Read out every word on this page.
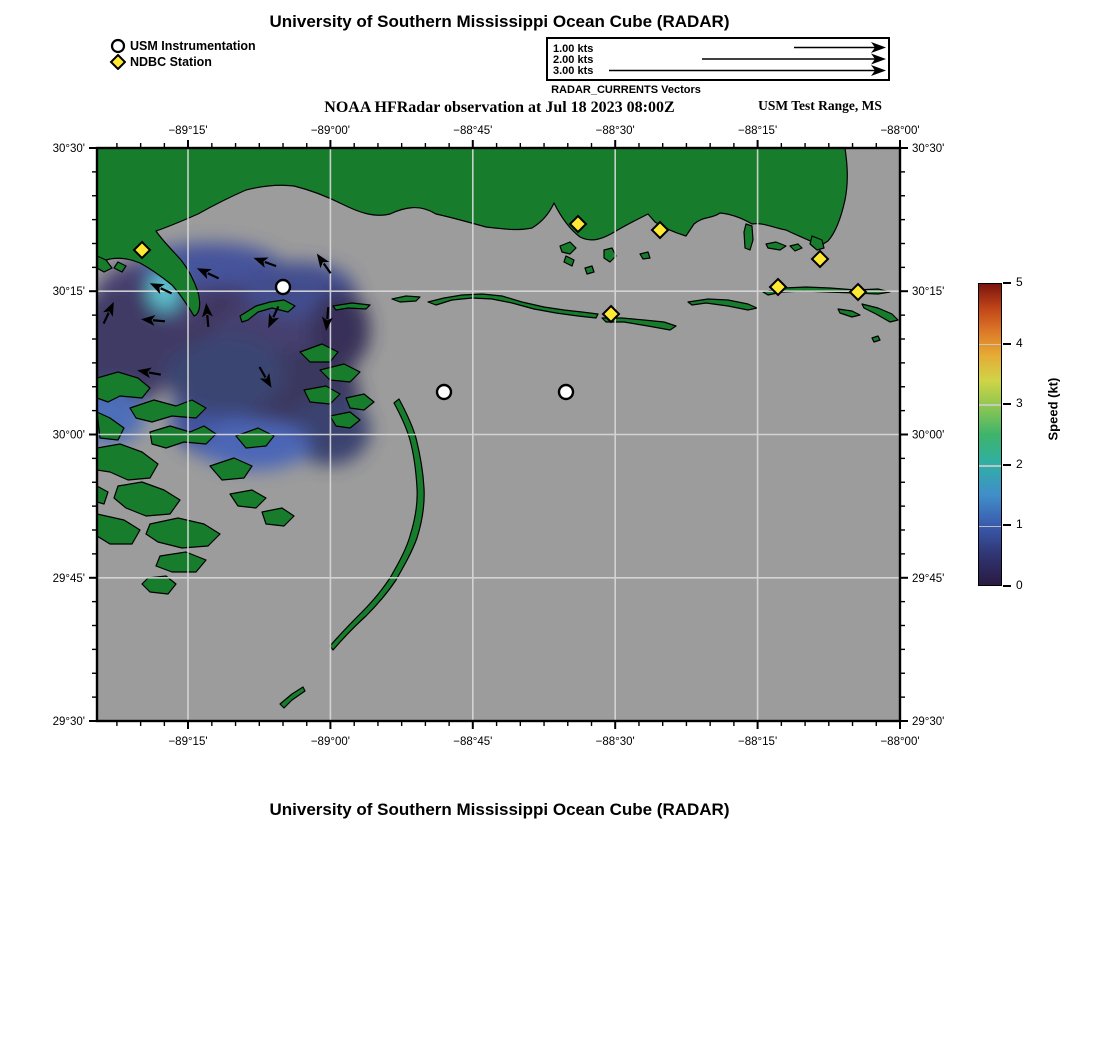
University of Southern Mississippi Ocean Cube (RADAR)
USM Instrumentation
NDBC Station
1.00 kts
2.00 kts
3.00 kts
RADAR_CURRENTS Vectors
NOAA HFRadar observation at Jul 18 2023 08:00Z	USM Test Range, MS
−89°15'
−89°15'
−89°00'
−89°00'
−88°45'
−88°45'
−88°30'
−88°30'
−88°15'
−88°15'
−88°00'
−88°00'
30°30'	30°30'
30°15'	30°15'
30°00'	30°00'
29°45'	29°45'
29°30'	29°30'
0
1
2
3
4
5
Speed (kt)
University of Southern Mississippi Ocean Cube (RADAR)
